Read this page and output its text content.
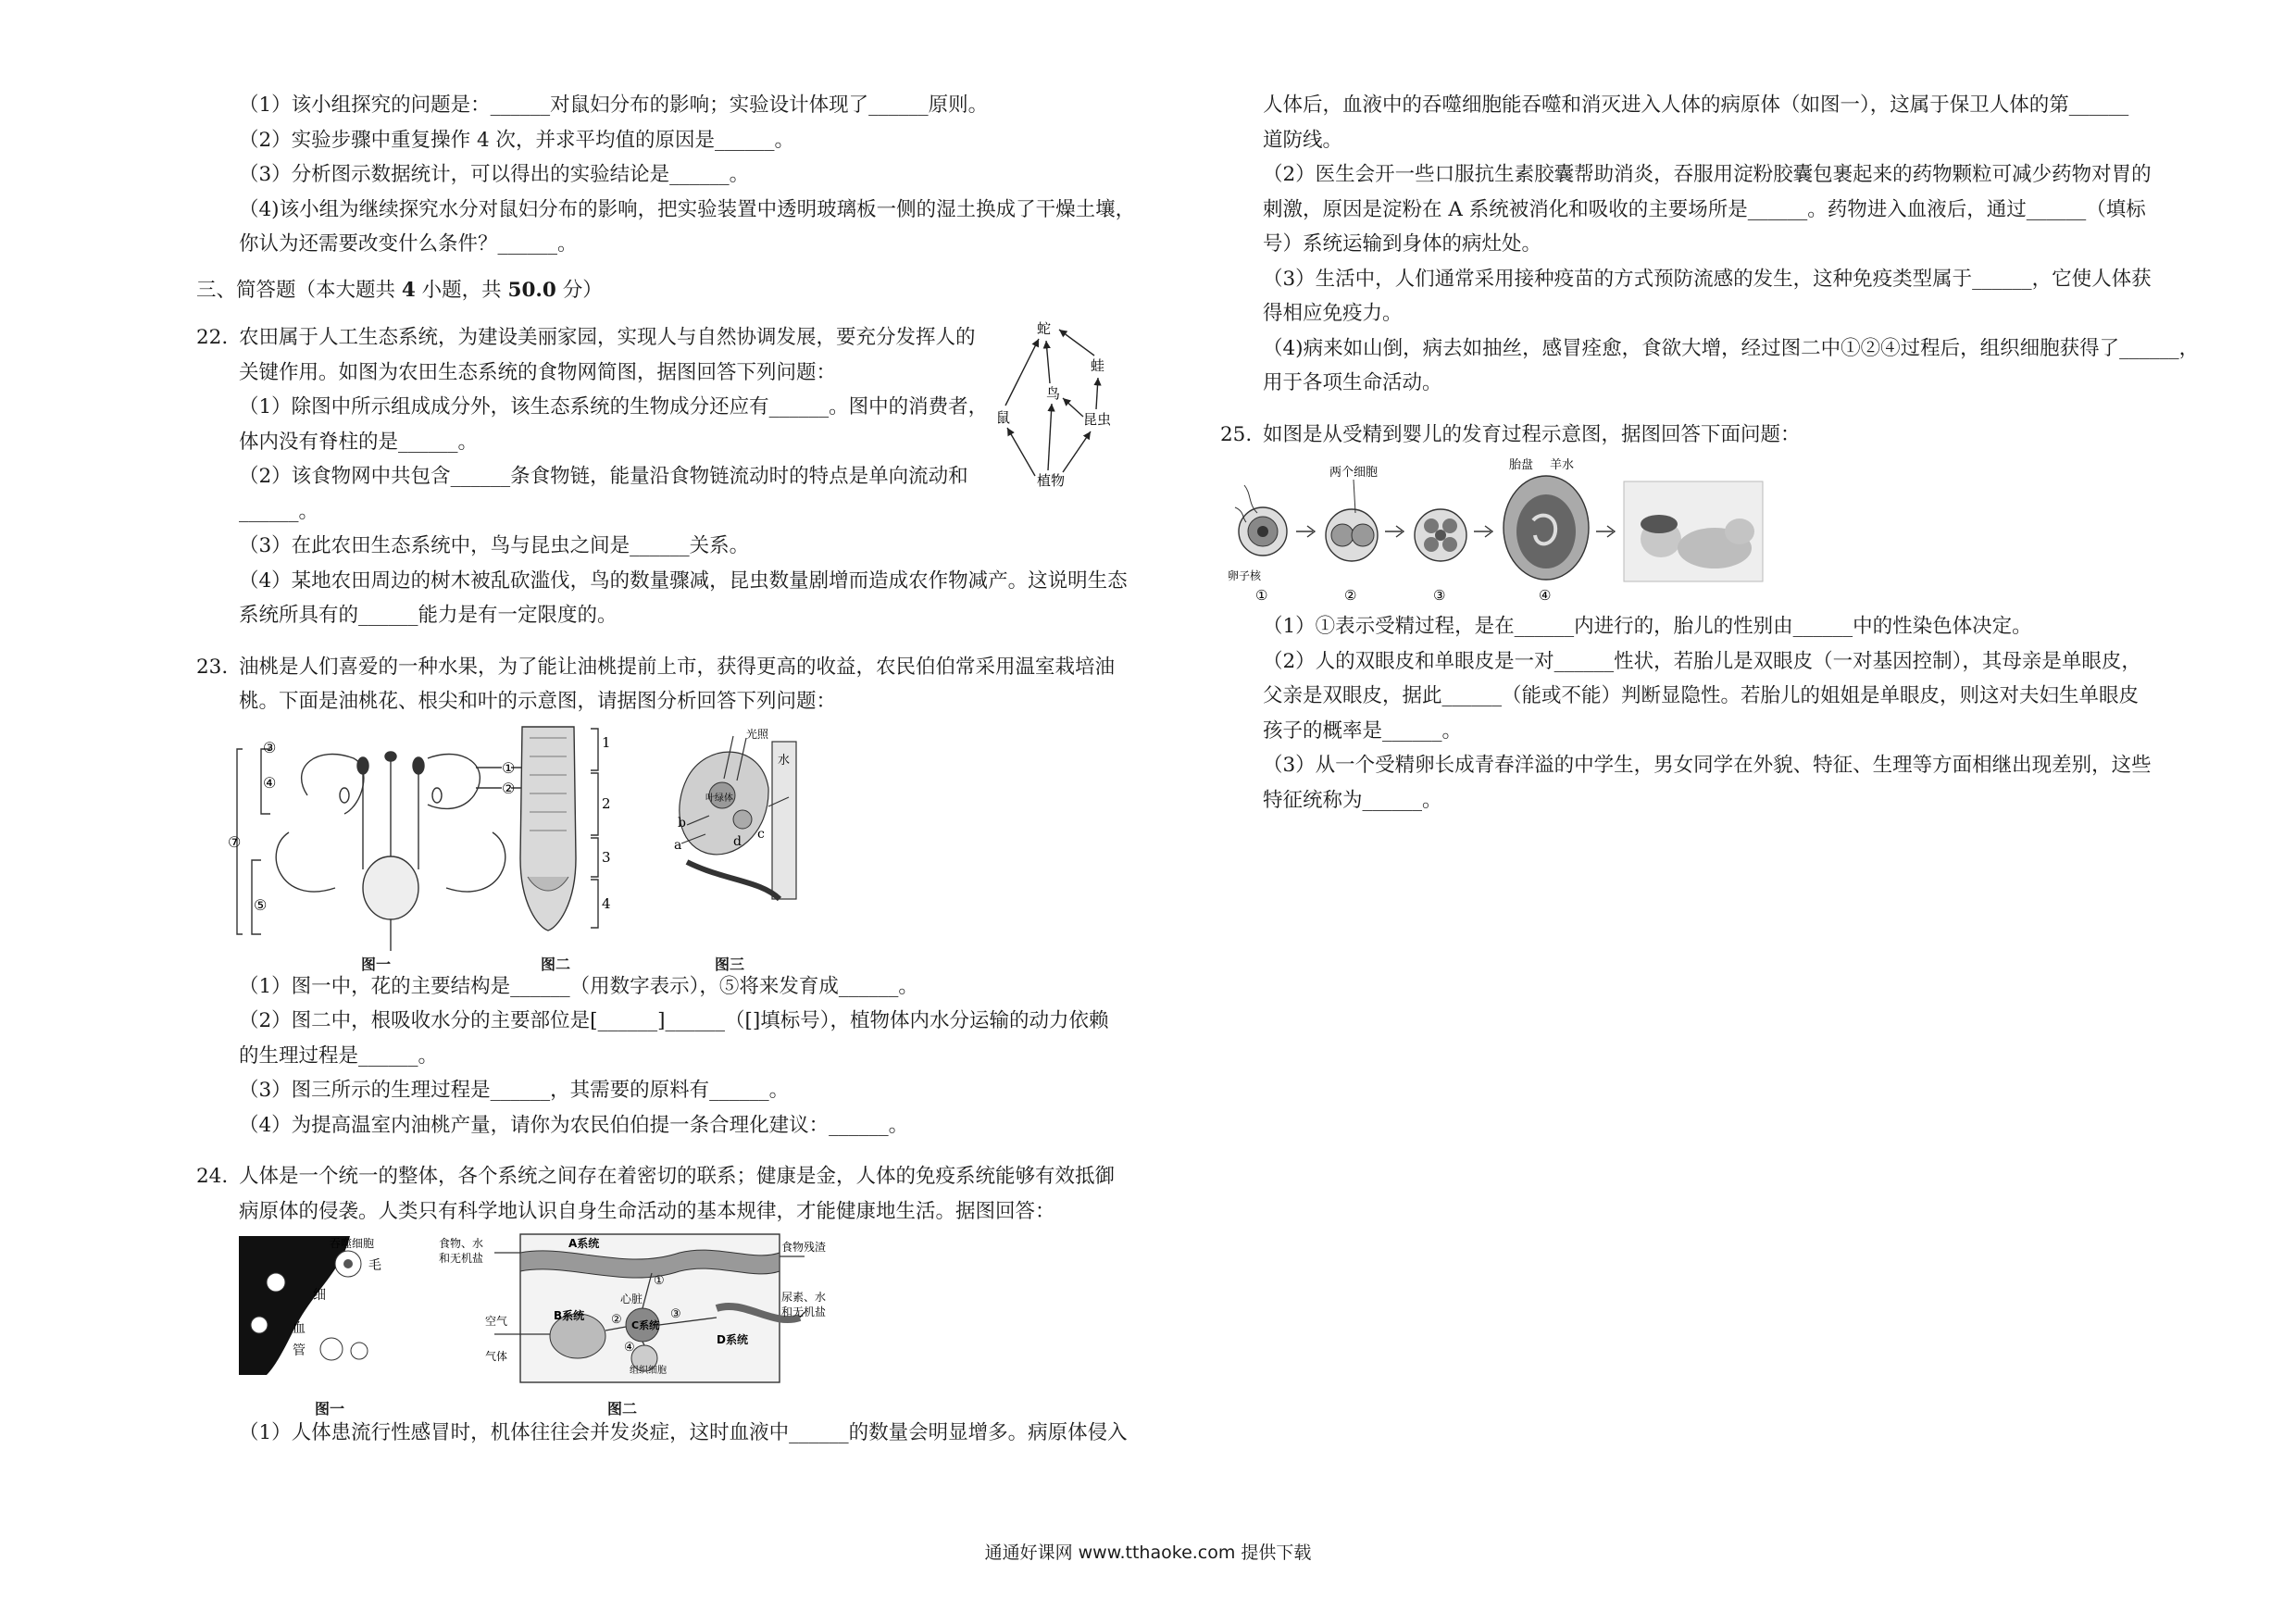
（1）该小组探究的问题是：______对鼠妇分布的影响；实验设计体现了______原则。
（2）实验步骤中重复操作 4 次，并求平均值的原因是______。
（3）分析图示数据统计，可以得出的实验结论是______。
（4)该小组为继续探究水分对鼠妇分布的影响，把实验装置中透明玻璃板一侧的湿土换成了干燥土壤，
你认为还需要改变什么条件？______。
三、简答题（本大题共 4 小题，共 50.0 分）
22. 农田属于人工生态系统，为建设美丽家园，实现人与自然协调发展，要充分发挥人的
关键作用。如图为农田生态系统的食物网简图，据图回答下列问题：
（1）除图中所示组成成分外，该生态系统的生物成分还应有______。图中的消费者，
体内没有脊柱的是______。
（2）该食物网中共包含______条食物链，能量沿食物链流动时的特点是单向流动和
______。
（3）在此农田生态系统中，鸟与昆虫之间是______关系。
（4）某地农田周边的树木被乱砍滥伐，鸟的数量骤减，昆虫数量剧增而造成农作物减产。这说明生态
系统所具有的______能力是有一定限度的。
蛇
蛙
鸟
鼠	昆虫
植物
23. 油桃是人们喜爱的一种水果，为了能让油桃提前上市，获得更高的收益，农民伯伯常采用温室栽培油
桃。下面是油桃花、根尖和叶的示意图，请据图分析回答下列问题：
③
④
⑦
⑤
①
②
图一
1
2
3
4
图二
光照
水
a
b
c
d
叶绿体
图三
（1）图一中，花的主要结构是______（用数字表示），⑤将来发育成______。
（2）图二中，根吸收水分的主要部位是[______]______（[]填标号），植物体内水分运输的动力依赖
的生理过程是______。
（3）图三所示的生理过程是______，其需要的原料有______。
（4）为提高温室内油桃产量，请你为农民伯伯提一条合理化建议：______。
24. 人体是一个统一的整体，各个系统之间存在着密切的联系；健康是金，人体的免疫系统能够有效抵御
病原体的侵袭。人类只有科学地认识自身生命活动的基本规律，才能健康地生活。据图回答：
吞噬细胞
毛
细
血
管
图一
食物、水
和无机盐
A系统
心脏
食物残渣
尿素、水
和无机盐
B系统
C系统
D系统
空气
气体
组织细胞
①
②	③
④
图二
（1）人体患流行性感冒时，机体往往会并发炎症，这时血液中______的数量会明显增多。病原体侵入
人体后，血液中的吞噬细胞能吞噬和消灭进入人体的病原体（如图一），这属于保卫人体的第______
道防线。
（2）医生会开一些口服抗生素胶囊帮助消炎，吞服用淀粉胶囊包裹起来的药物颗粒可减少药物对胃的
刺激，原因是淀粉在 A 系统被消化和吸收的主要场所是______。药物进入血液后，通过______（填标
号）系统运输到身体的病灶处。
（3）生活中，人们通常采用接种疫苗的方式预防流感的发生，这种免疫类型属于______，它使人体获
得相应免疫力。
（4)病来如山倒，病去如抽丝，感冒痊愈，食欲大增，经过图二中①②④过程后，组织细胞获得了______，
用于各项生命活动。
25. 如图是从受精到婴儿的发育过程示意图，据图回答下面问题：
卵子核
①
两个细胞
②	③
胎盘 羊水
④
（1）①表示受精过程，是在______内进行的，胎儿的性别由______中的性染色体决定。
（2）人的双眼皮和单眼皮是一对______性状，若胎儿是双眼皮（一对基因控制），其母亲是单眼皮，
父亲是双眼皮，据此______（能或不能）判断显隐性。若胎儿的姐姐是单眼皮，则这对夫妇生单眼皮
孩子的概率是______。
（3）从一个受精卵长成青春洋溢的中学生，男女同学在外貌、特征、生理等方面相继出现差别，这些
特征统称为______。
通通好课网 www.tthaoke.com 提供下载
